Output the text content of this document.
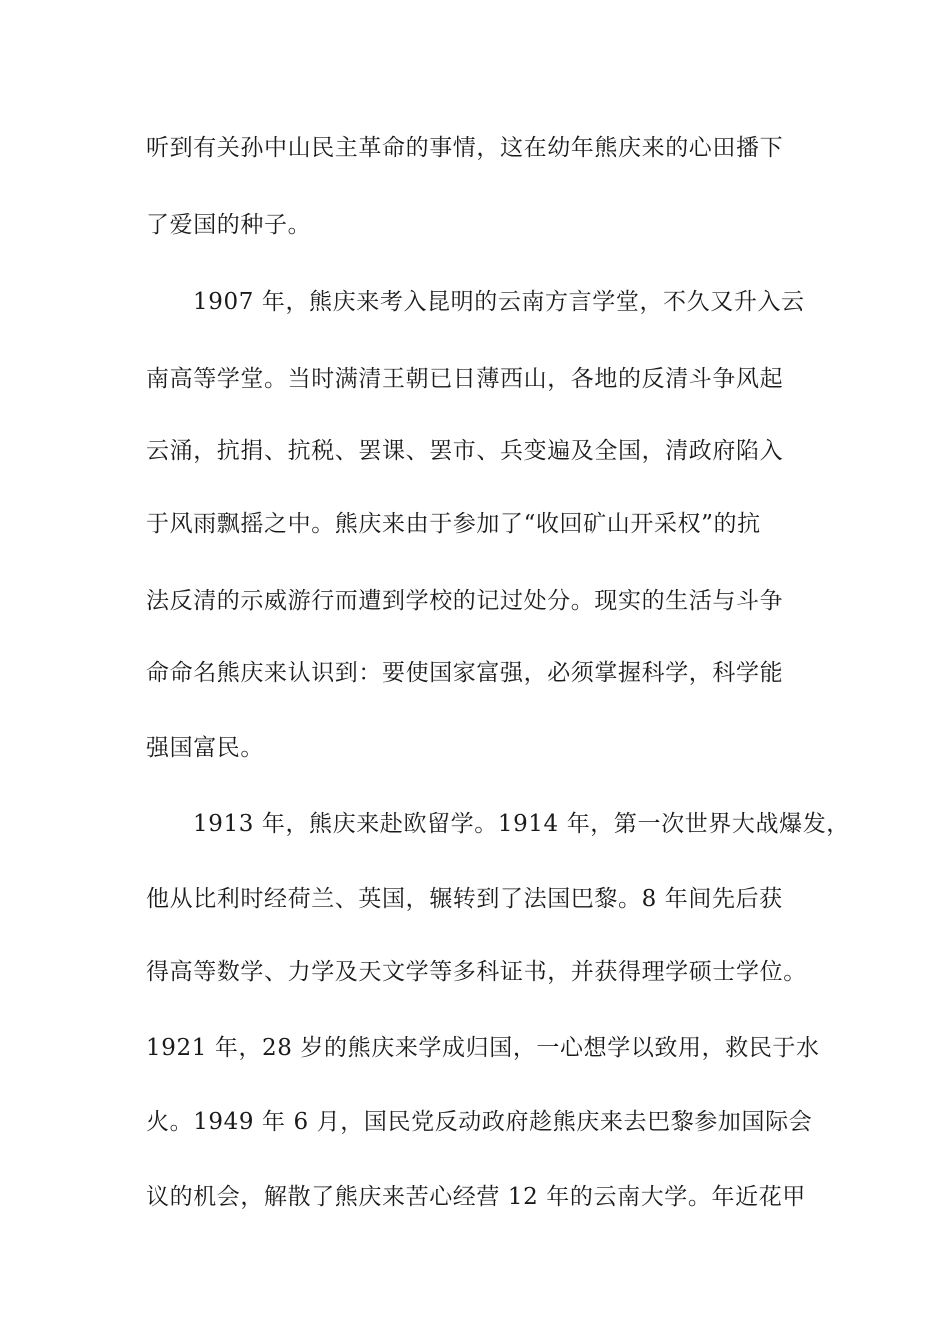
听到有关孙中山民主革命的事情，这在幼年熊庆来的心田播下
了爱国的种子。
1907 年，熊庆来考入昆明的云南方言学堂，不久又升入云
南高等学堂。当时满清王朝已日薄西山，各地的反清斗争风起
云涌，抗捐、抗税、罢课、罢市、兵变遍及全国，清政府陷入
于风雨飘摇之中。熊庆来由于参加了“收回矿山开采权”的抗
法反清的示威游行而遭到学校的记过处分。现实的生活与斗争
命命名熊庆来认识到：要使国家富强，必须掌握科学，科学能
强国富民。
1913 年，熊庆来赴欧留学。1914 年，第一次世界大战爆发，
他从比利时经荷兰、英国，辗转到了法国巴黎。8 年间先后获
得高等数学、力学及天文学等多科证书，并获得理学硕士学位。
1921 年，28 岁的熊庆来学成归国，一心想学以致用，救民于水
火。1949 年 6 月，国民党反动政府趁熊庆来去巴黎参加国际会
议的机会，解散了熊庆来苦心经营 12 年的云南大学。年近花甲
